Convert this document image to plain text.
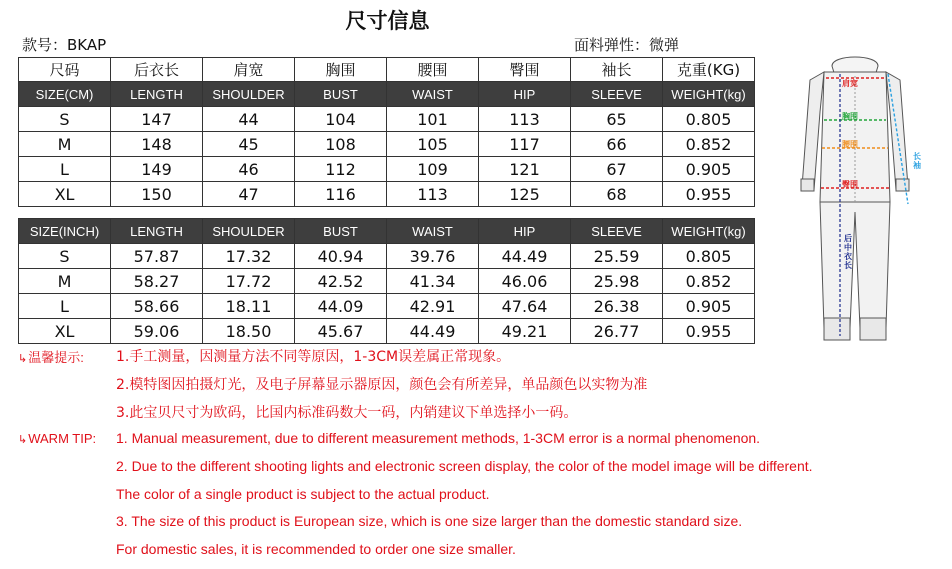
尺寸信息
款号：BKAP	面料弹性：微弹
尺码	后衣长	肩宽	胸围	腰围	臀围	袖长	克重(KG)
SIZE(CM)	LENGTH	SHOULDER	BUST	WAIST	HIP	SLEEVE	WEIGHT(kg)
S	147	44	104	101	113	65	0.805
M	148	45	108	105	117	66	0.852
L	149	46	112	109	121	67	0.905
XL	150	47	116	113	125	68	0.955
SIZE(INCH)	LENGTH	SHOULDER	BUST	WAIST	HIP	SLEEVE	WEIGHT(kg)
S	57.87	17.32	40.94	39.76	44.49	25.59	0.805
M	58.27	17.72	42.52	41.34	46.06	25.98	0.852
L	58.66	18.11	44.09	42.91	47.64	26.38	0.905
XL	59.06	18.50	45.67	44.49	49.21	26.77	0.955
↳温馨提示: 1.手工测量，因测量方法不同等原因，1-3CM误差属正常现象。
2.模特图因拍摄灯光，及电子屏幕显示器原因，颜色会有所差异，单品颜色以实物为准
3.此宝贝尺寸为欧码，比国内标准码数大一码，内销建议下单选择小一码。
↳WARM TIP: 1. Manual measurement, due to different measurement methods, 1-3CM error is a normal phenomenon.
2. Due to the different shooting lights and electronic screen display, the color of the model image will be different.
The color of a single product is subject to the actual product.
3. The size of this product is European size, which is one size larger than the domestic standard size.
For domestic sales, it is recommended to order one size smaller.
肩宽
胸围
腰围
臀围
长袖
后中衣长
